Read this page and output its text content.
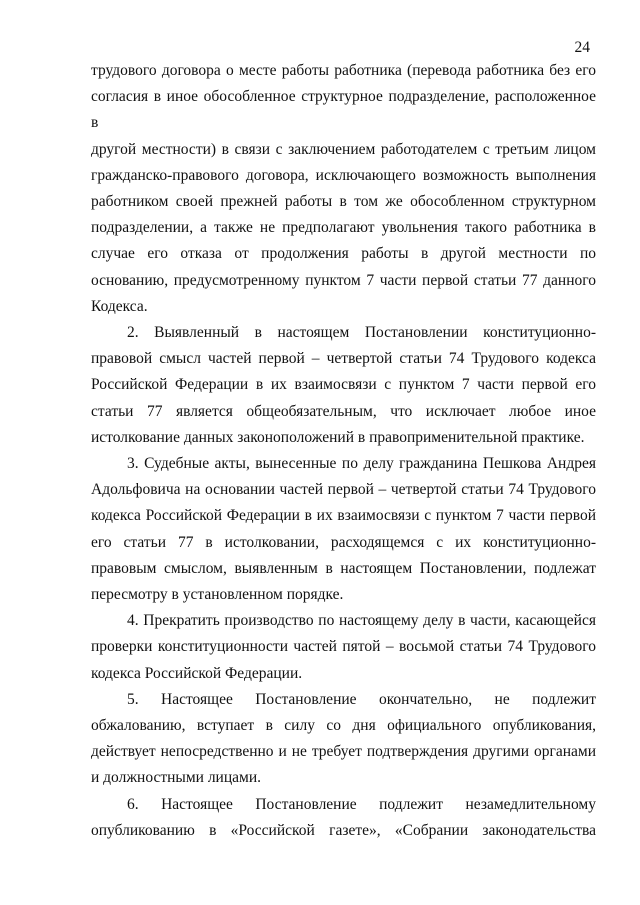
24

трудового договора о месте работы работника (перевода работника без его
согласия в иное обособленное структурное подразделение, расположенное в
другой местности) в связи с заключением работодателем с третьим лицом
гражданско-правового договора, исключающего возможность выполнения
работником своей прежней работы в том же обособленном структурном
подразделении, а также не предполагают увольнения такого работника в
случае его отказа от продолжения работы в другой местности по
основанию, предусмотренному пунктом 7 части первой статьи 77 данного
Кодекса.

2. Выявленный в настоящем Постановлении конституционно-
правовой смысл частей первой – четвертой статьи 74 Трудового кодекса
Российской Федерации в их взаимосвязи с пунктом 7 части первой его
статьи 77 является общеобязательным, что исключает любое иное
истолкование данных законоположений в правоприменительной практике.

3. Судебные акты, вынесенные по делу гражданина Пешкова Андрея
Адольфовича на основании частей первой – четвертой статьи 74 Трудового
кодекса Российской Федерации в их взаимосвязи с пунктом 7 части первой
его статьи 77 в истолковании, расходящемся с их конституционно-
правовым смыслом, выявленным в настоящем Постановлении, подлежат
пересмотру в установленном порядке.

4. Прекратить производство по настоящему делу в части, касающейся
проверки конституционности частей пятой – восьмой статьи 74 Трудового
кодекса Российской Федерации.

5. Настоящее Постановление окончательно, не подлежит
обжалованию, вступает в силу со дня официального опубликования,
действует непосредственно и не требует подтверждения другими органами
и должностными лицами.

6. Настоящее Постановление подлежит незамедлительному
опубликованию в «Российской газете», «Собрании законодательства
